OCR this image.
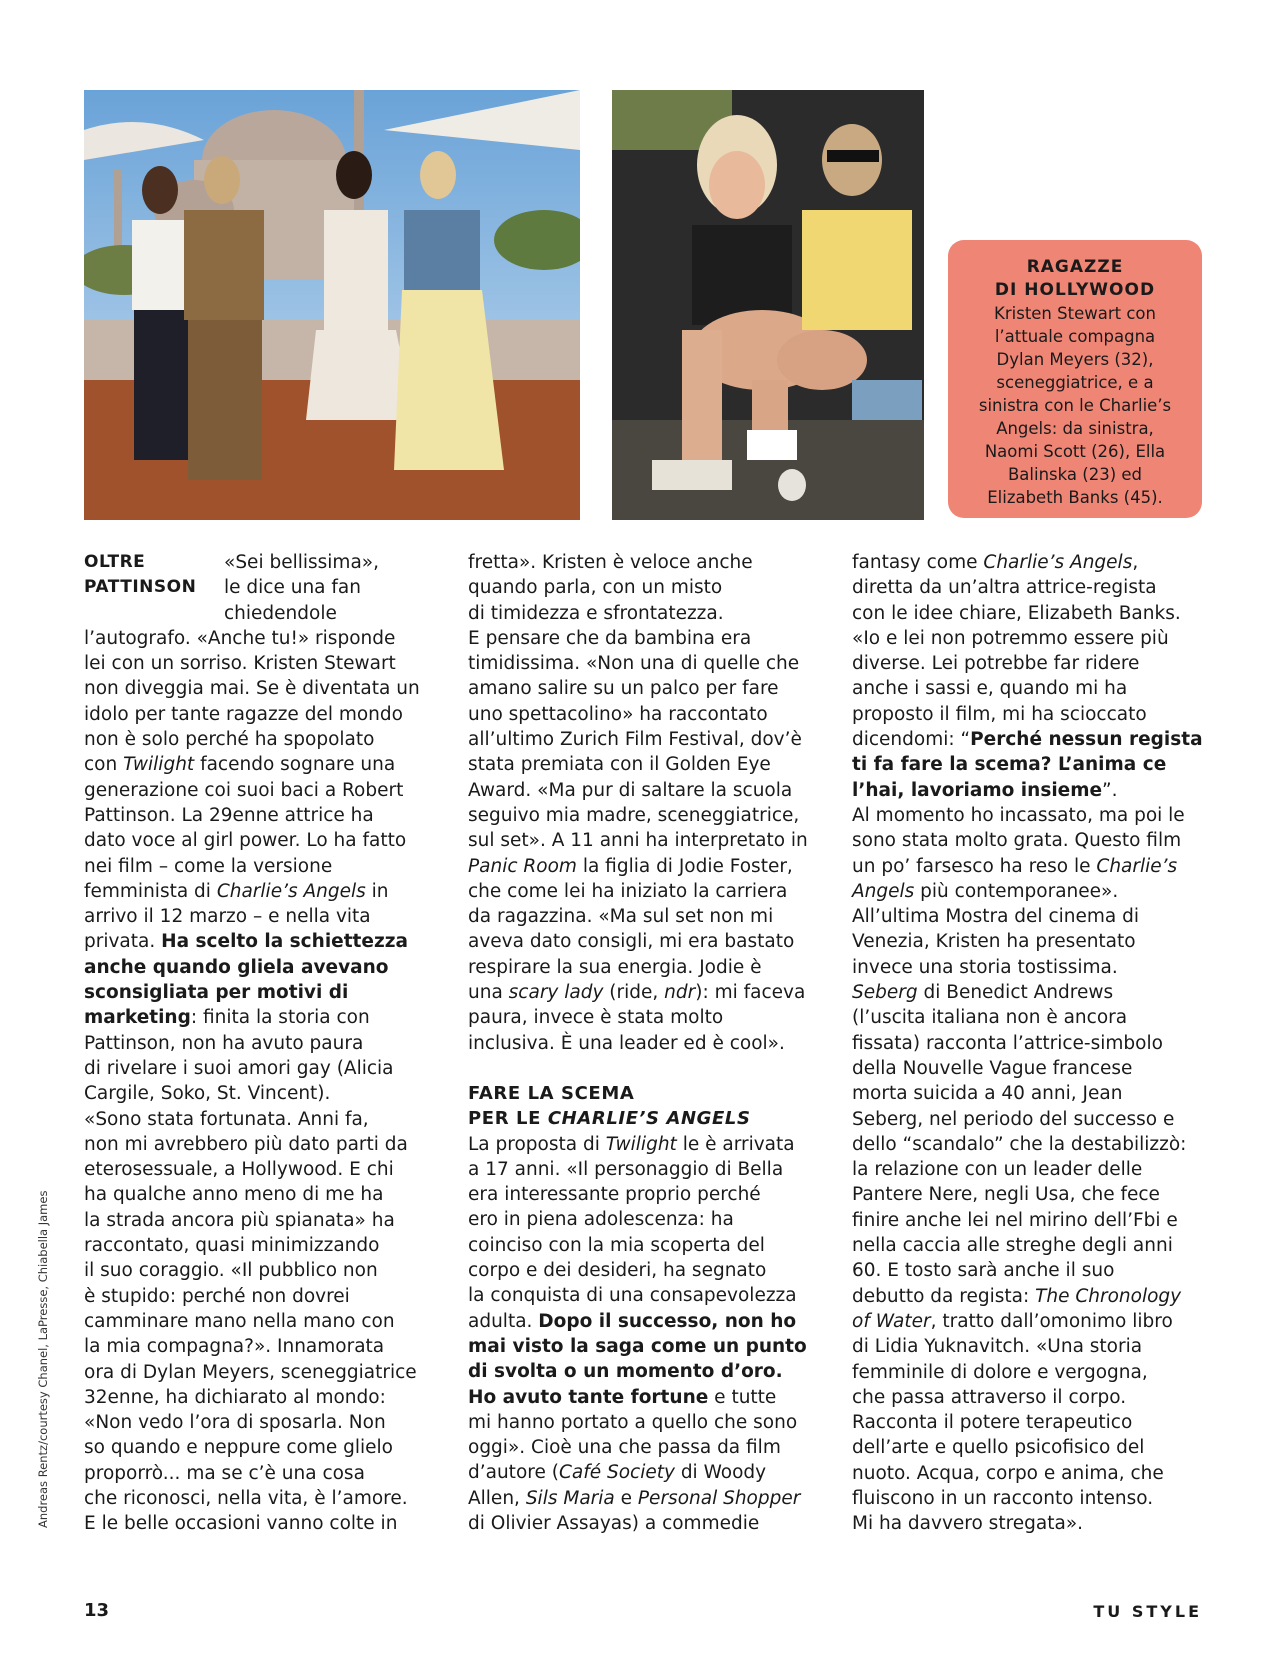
RAGAZZE

DI HOLLYWOOD

Kristen Stewart con

l’attuale compagna

Dylan Meyers (32),

sceneggiatrice, e a

sinistra con le Charlie’s

Angels: da sinistra,

Naomi Scott (26), Ella

Balinska (23) ed

Elizabeth Banks (45).

OLTRE
PATTINSON
«Sei bellissima»,
le dice una fan
chiedendole
l’autografo. «Anche tu!» risponde
lei con un sorriso. Kristen Stewart
non diveggia mai. Se è diventata un
idolo per tante ragazze del mondo
non è solo perché ha spopolato
con Twilight facendo sognare una
generazione coi suoi baci a Robert
Pattinson. La 29enne attrice ha
dato voce al girl power. Lo ha fatto
nei film – come la versione
femminista di Charlie’s Angels in
arrivo il 12 marzo – e nella vita
privata. Ha scelto la schiettezza
anche quando gliela avevano
sconsigliata per motivi di
marketing: finita la storia con
Pattinson, non ha avuto paura
di rivelare i suoi amori gay (Alicia
Cargile, Soko, St. Vincent).
«Sono stata fortunata. Anni fa,
non mi avrebbero più dato parti da
eterosessuale, a Hollywood. E chi
ha qualche anno meno di me ha
la strada ancora più spianata» ha
raccontato, quasi minimizzando
il suo coraggio. «Il pubblico non
è stupido: perché non dovrei
camminare mano nella mano con
la mia compagna?». Innamorata
ora di Dylan Meyers, sceneggiatrice
32enne, ha dichiarato al mondo:
«Non vedo l’ora di sposarla. Non
so quando e neppure come glielo
proporrò... ma se c’è una cosa
che riconosci, nella vita, è l’amore.
E le belle occasioni vanno colte in
fretta». Kristen è veloce anche
quando parla, con un misto
di timidezza e sfrontatezza.
E pensare che da bambina era
timidissima. «Non una di quelle che
amano salire su un palco per fare
uno spettacolino» ha raccontato
all’ultimo Zurich Film Festival, dov’è
stata premiata con il Golden Eye
Award. «Ma pur di saltare la scuola
seguivo mia madre, sceneggiatrice,
sul set». A 11 anni ha interpretato in
Panic Room la figlia di Jodie Foster,
che come lei ha iniziato la carriera
da ragazzina. «Ma sul set non mi
aveva dato consigli, mi era bastato
respirare la sua energia. Jodie è
una scary lady (ride, ndr): mi faceva
paura, invece è stata molto
inclusiva. È una leader ed è cool».
FARE LA SCEMA
PER LE CHARLIE’S ANGELS
La proposta di Twilight le è arrivata
a 17 anni. «Il personaggio di Bella
era interessante proprio perché
ero in piena adolescenza: ha
coinciso con la mia scoperta del
corpo e dei desideri, ha segnato
la conquista di una consapevolezza
adulta. Dopo il successo, non ho
mai visto la saga come un punto
di svolta o un momento d’oro.
Ho avuto tante fortune e tutte
mi hanno portato a quello che sono
oggi». Cioè una che passa da film
d’autore (Café Society di Woody
Allen, Sils Maria e Personal Shopper
di Olivier Assayas) a commedie
fantasy come Charlie’s Angels,
diretta da un’altra attrice-regista
con le idee chiare, Elizabeth Banks.
«Io e lei non potremmo essere più
diverse. Lei potrebbe far ridere
anche i sassi e, quando mi ha
proposto il film, mi ha scioccato
dicendomi: “Perché nessun regista
ti fa fare la scema? L’anima ce
l’hai, lavoriamo insieme”.
Al momento ho incassato, ma poi le
sono stata molto grata. Questo film
un po’ farsesco ha reso le Charlie’s
Angels più contemporanee».
All’ultima Mostra del cinema di
Venezia, Kristen ha presentato
invece una storia tostissima.
Seberg di Benedict Andrews
(l’uscita italiana non è ancora
fissata) racconta l’attrice-simbolo
della Nouvelle Vague francese
morta suicida a 40 anni, Jean
Seberg, nel periodo del successo e
dello “scandalo” che la destabilizzò:
la relazione con un leader delle
Pantere Nere, negli Usa, che fece
finire anche lei nel mirino dell’Fbi e
nella caccia alle streghe degli anni
60. E tosto sarà anche il suo
debutto da regista: The Chronology
of Water, tratto dall’omonimo libro
di Lidia Yuknavitch. «Una storia
femminile di dolore e vergogna,
che passa attraverso il corpo.
Racconta il potere terapeutico
dell’arte e quello psicofisico del
nuoto. Acqua, corpo e anima, che
fluiscono in un racconto intenso.
Mi ha davvero stregata».
Andreas Rentz/courtesy Chanel, LaPresse, Chiabella James
13	TU STYLE
